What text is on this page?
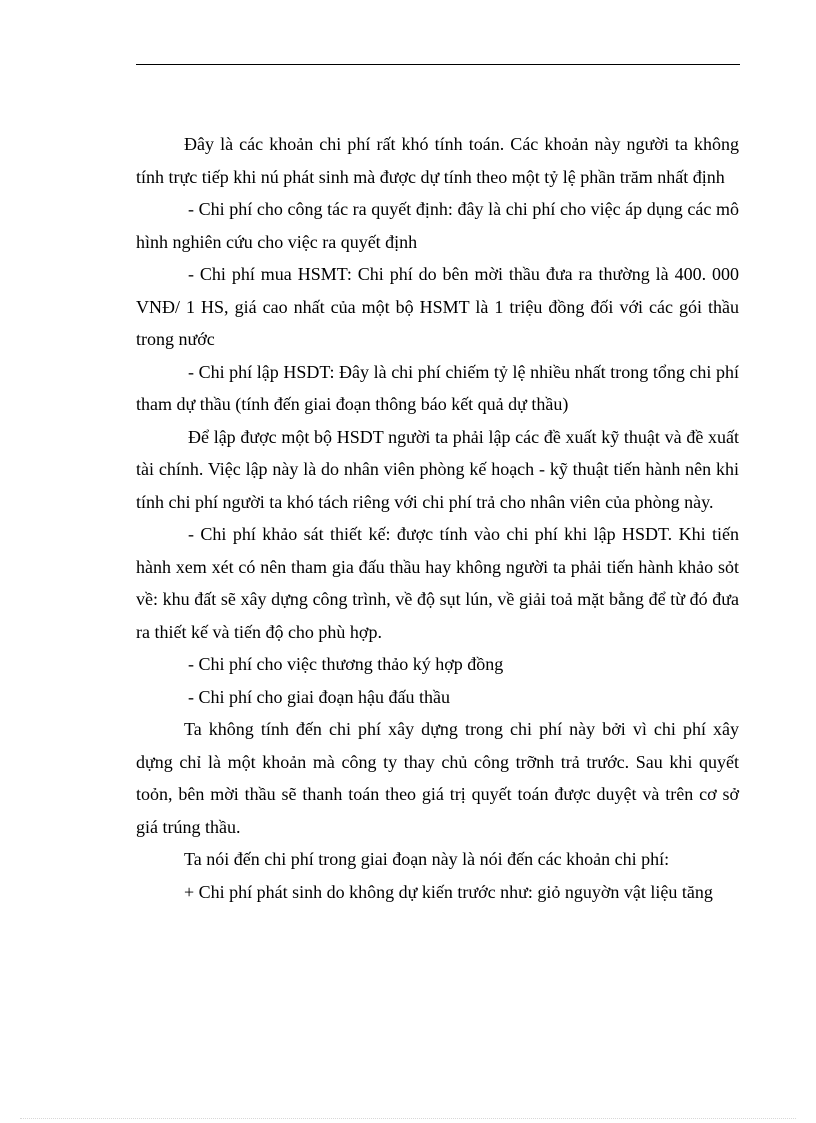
Đây là các khoản chi phí rất khó tính toán. Các khoản này người ta không tính trực tiếp khi nú phát sinh mà được dự tính theo một tỷ lệ phần trăm nhất định

- Chi phí cho công tác ra quyết định: đây là chi phí cho việc áp dụng các mô hình nghiên cứu cho việc ra quyết định

- Chi phí mua HSMT: Chi phí do bên mời thầu đưa ra thường là 400. 000 VNĐ/ 1 HS, giá cao nhất của một bộ HSMT là 1 triệu đồng đối với các gói thầu trong nước

- Chi phí lập HSDT: Đây là chi phí chiếm tỷ lệ nhiều nhất trong tổng chi phí tham dự thầu (tính đến giai đoạn thông báo kết quả dự thầu)

Để lập được một bộ HSDT người ta phải lập các đề xuất kỹ thuật và đề xuất tài chính. Việc lập này là do nhân viên phòng kế hoạch - kỹ thuật tiến hành nên khi tính chi phí người ta khó tách riêng với chi phí trả cho nhân viên của phòng này.

- Chi phí khảo sát thiết kế: được tính vào chi phí khi lập HSDT. Khi tiến hành xem xét có nên tham gia đấu thầu hay không người ta phải tiến hành khảo sỏt về: khu đất sẽ xây dựng công trình, về độ sụt lún, về giải toả mặt bằng để từ đó đưa ra thiết kế và tiến độ cho phù hợp.

- Chi phí cho việc thương thảo ký hợp đồng

- Chi phí cho giai đoạn hậu đấu thầu

Ta không tính đến chi phí xây dựng trong chi phí này bởi vì chi phí xây dựng chỉ là một khoản mà công ty thay chủ công trỡnh trả trước. Sau khi quyết toỏn, bên mời thầu sẽ thanh toán theo giá trị quyết toán được duyệt và trên cơ sở giá trúng thầu.

Ta nói đến chi phí trong giai đoạn này là nói đến các khoản chi phí:

+ Chi phí phát sinh do không dự kiến trước như: giỏ nguyờn vật liệu tăng
